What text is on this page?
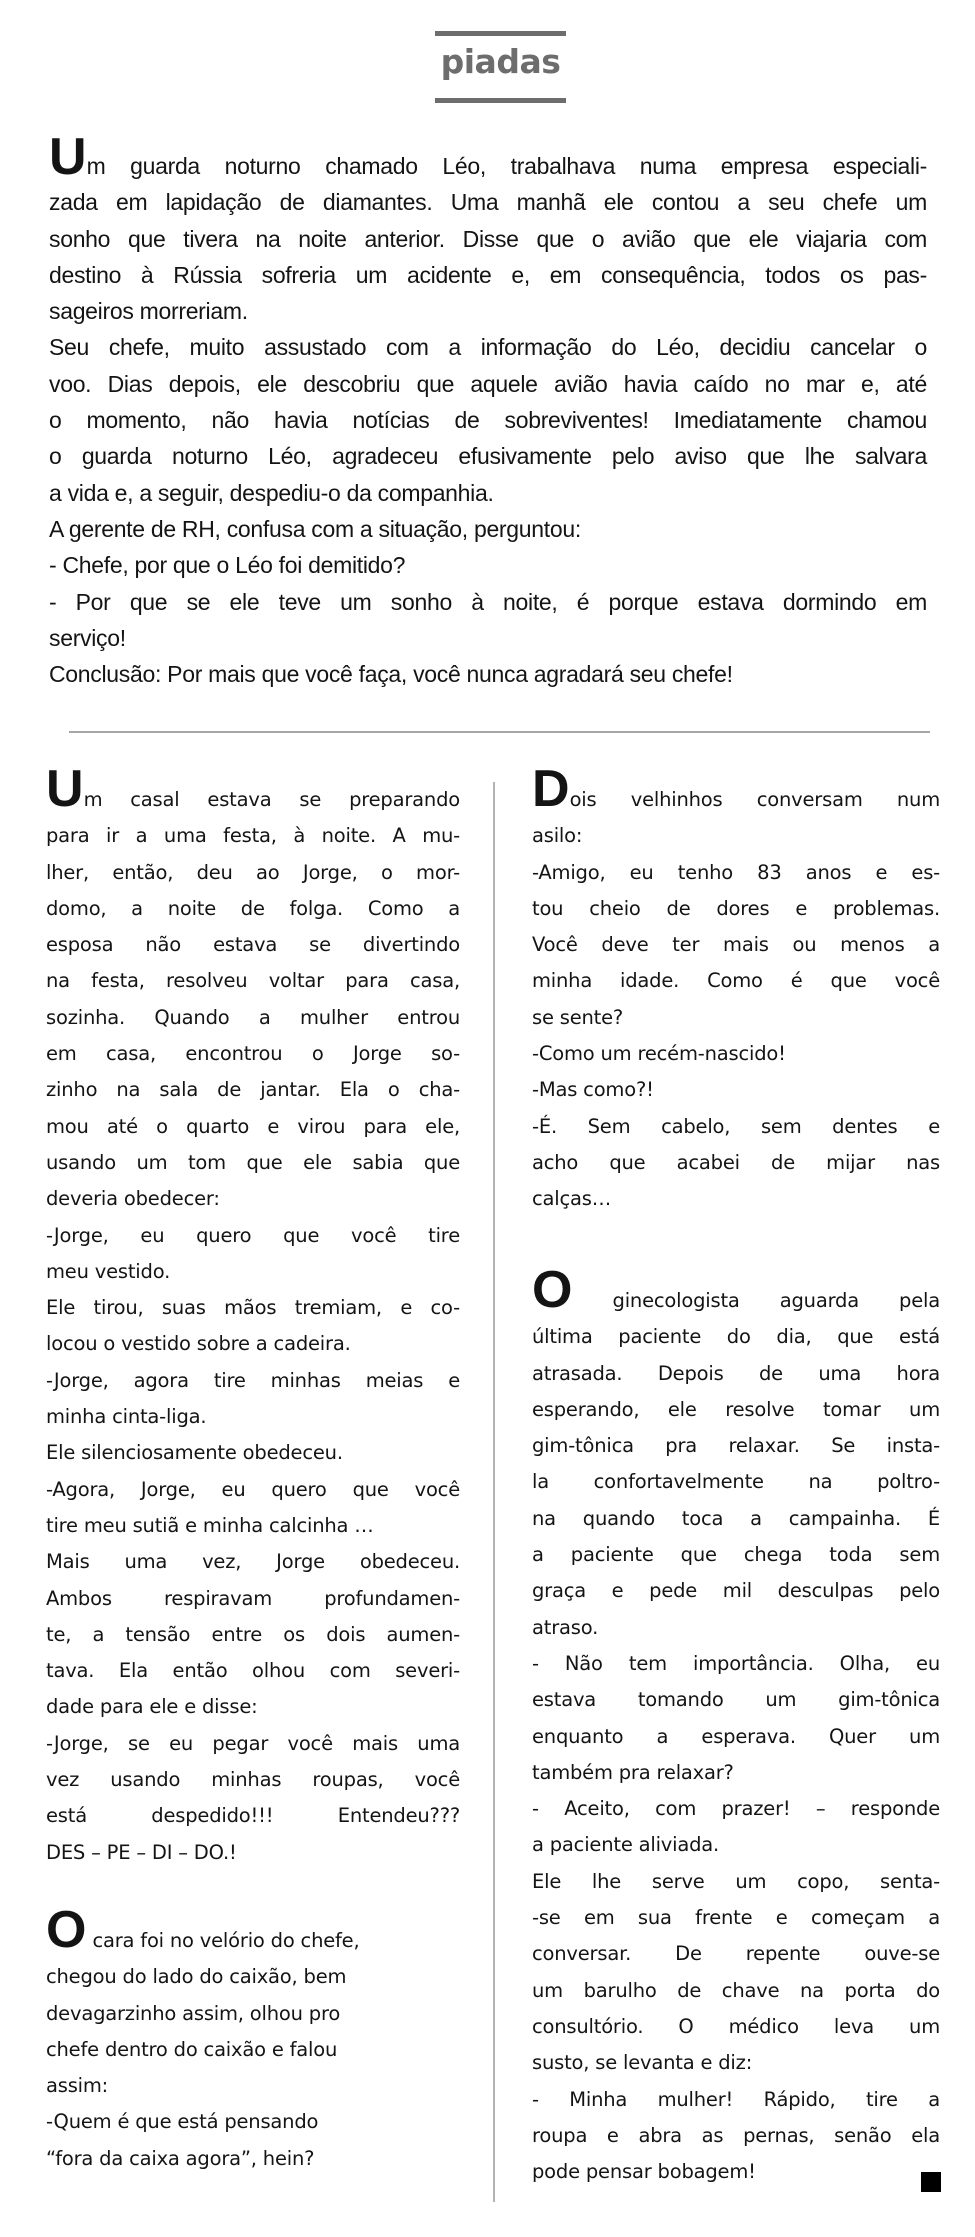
piadas
Um guarda noturno chamado Léo, trabalhava numa empresa especiali-
zada em lapidação de diamantes. Uma manhã ele contou a seu chefe um
sonho que tivera na noite anterior. Disse que o avião que ele viajaria com
destino à Rússia sofreria um acidente e, em consequência, todos os pas-
sageiros morreriam.
Seu chefe, muito assustado com a informação do Léo, decidiu cancelar o
voo. Dias depois, ele descobriu que aquele avião havia caído no mar e, até
o momento, não havia notícias de sobreviventes! Imediatamente chamou
o guarda noturno Léo, agradeceu efusivamente pelo aviso que lhe salvara
a vida e, a seguir, despediu-o da companhia.
A gerente de RH, confusa com a situação, perguntou:
- Chefe, por que o Léo foi demitido?
- Por que se ele teve um sonho à noite, é porque estava dormindo em
serviço!
Conclusão: Por mais que você faça, você nunca agradará seu chefe!
Um casal estava se preparando
para ir a uma festa, à noite. A mu-
lher, então, deu ao Jorge, o mor-
domo, a noite de folga. Como a
esposa não estava se divertindo
na festa, resolveu voltar para casa,
sozinha. Quando a mulher entrou
em casa, encontrou o Jorge so-
zinho na sala de jantar. Ela o cha-
mou até o quarto e virou para ele,
usando um tom que ele sabia que
deveria obedecer:
-Jorge, eu quero que você tire
meu vestido.
Ele tirou, suas mãos tremiam, e co-
locou o vestido sobre a cadeira.
-Jorge, agora tire minhas meias e
minha cinta-liga.
Ele silenciosamente obedeceu.
-Agora, Jorge, eu quero que você
tire meu sutiã e minha calcinha …
Mais uma vez, Jorge obedeceu.
Ambos respiravam profundamen-
te, a tensão entre os dois aumen-
tava. Ela então olhou com severi-
dade para ele e disse:
-Jorge, se eu pegar você mais uma
vez usando minhas roupas, você
está despedido!!! Entendeu???
DES – PE – DI – DO.!
O cara foi no velório do chefe,
chegou do lado do caixão, bem
devagarzinho assim, olhou pro
chefe dentro do caixão e falou
assim:
-Quem é que está pensando
“fora da caixa agora”, hein?
Dois velhinhos conversam num
asilo:
-Amigo, eu tenho 83 anos e es-
tou cheio de dores e problemas.
Você deve ter mais ou menos a
minha idade. Como é que você
se sente?
-Como um recém-nascido!
-Mas como?!
-É. Sem cabelo, sem dentes e
acho que acabei de mijar nas
calças…
O ginecologista aguarda pela
última paciente do dia, que está
atrasada. Depois de uma hora
esperando, ele resolve tomar um
gim-tônica pra relaxar. Se insta-
la confortavelmente na poltro-
na quando toca a campainha. É
a paciente que chega toda sem
graça e pede mil desculpas pelo
atraso.
- Não tem importância. Olha, eu
estava tomando um gim-tônica
enquanto a esperava. Quer um
também pra relaxar?
- Aceito, com prazer! – responde
a paciente aliviada.
Ele lhe serve um copo, senta-
-se em sua frente e começam a
conversar. De repente ouve-se
um barulho de chave na porta do
consultório. O médico leva um
susto, se levanta e diz:
- Minha mulher! Rápido, tire a
roupa e abra as pernas, senão ela
pode pensar bobagem!
